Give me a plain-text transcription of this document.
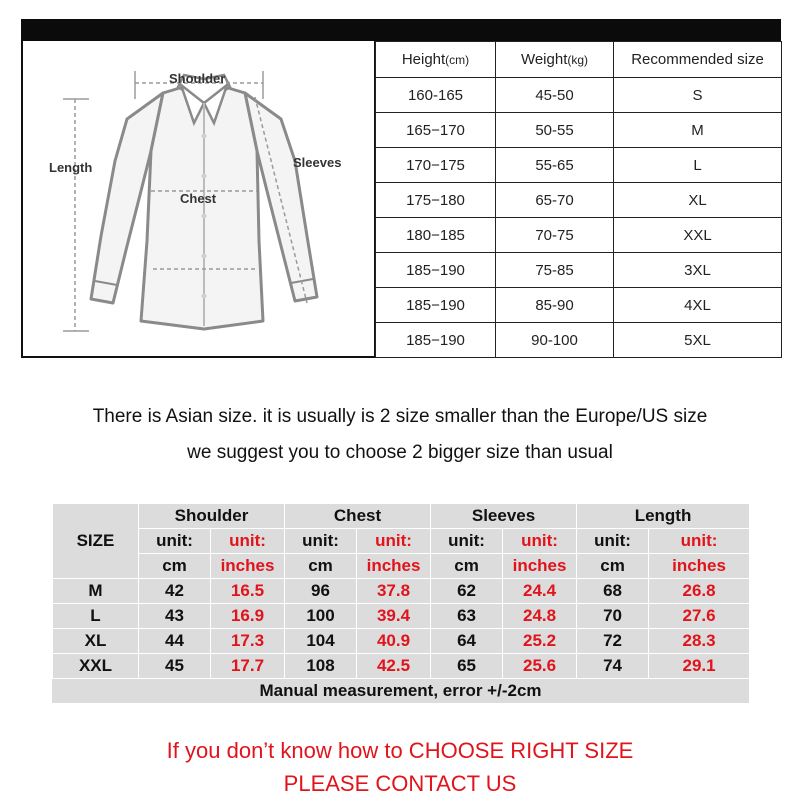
Shoulder
Length	Sleeves
Chest
Height(cm)	Weight(kg)	Recommended size
160-165	45-50	S
165−170	50-55	M
170−175	55-65	L
175−180	65-70	XL
180−185	70-75	XXL
185−190	75-85	3XL
185−190	85-90	4XL
185−190	90-100	5XL
There is Asian size. it is usually is 2 size smaller than the Europe/US size
we suggest you to choose 2 bigger size than usual
SIZE	Shoulder		Chest		Sleeves		Length	
	unit:	unit:	unit:	unit:	unit:	unit:	unit:	unit:
	cm	inches	cm	inches	cm	inches	cm	inches
M	42	16.5	96	37.8	62	24.4	68	26.8
L	43	16.9	100	39.4	63	24.8	70	27.6
XL	44	17.3	104	40.9	64	25.2	72	28.3
XXL	45	17.7	108	42.5	65	25.6	74	29.1
Manual measurement, error +/-2cm
If you don’t know how to CHOOSE RIGHT SIZE
PLEASE CONTACT US
